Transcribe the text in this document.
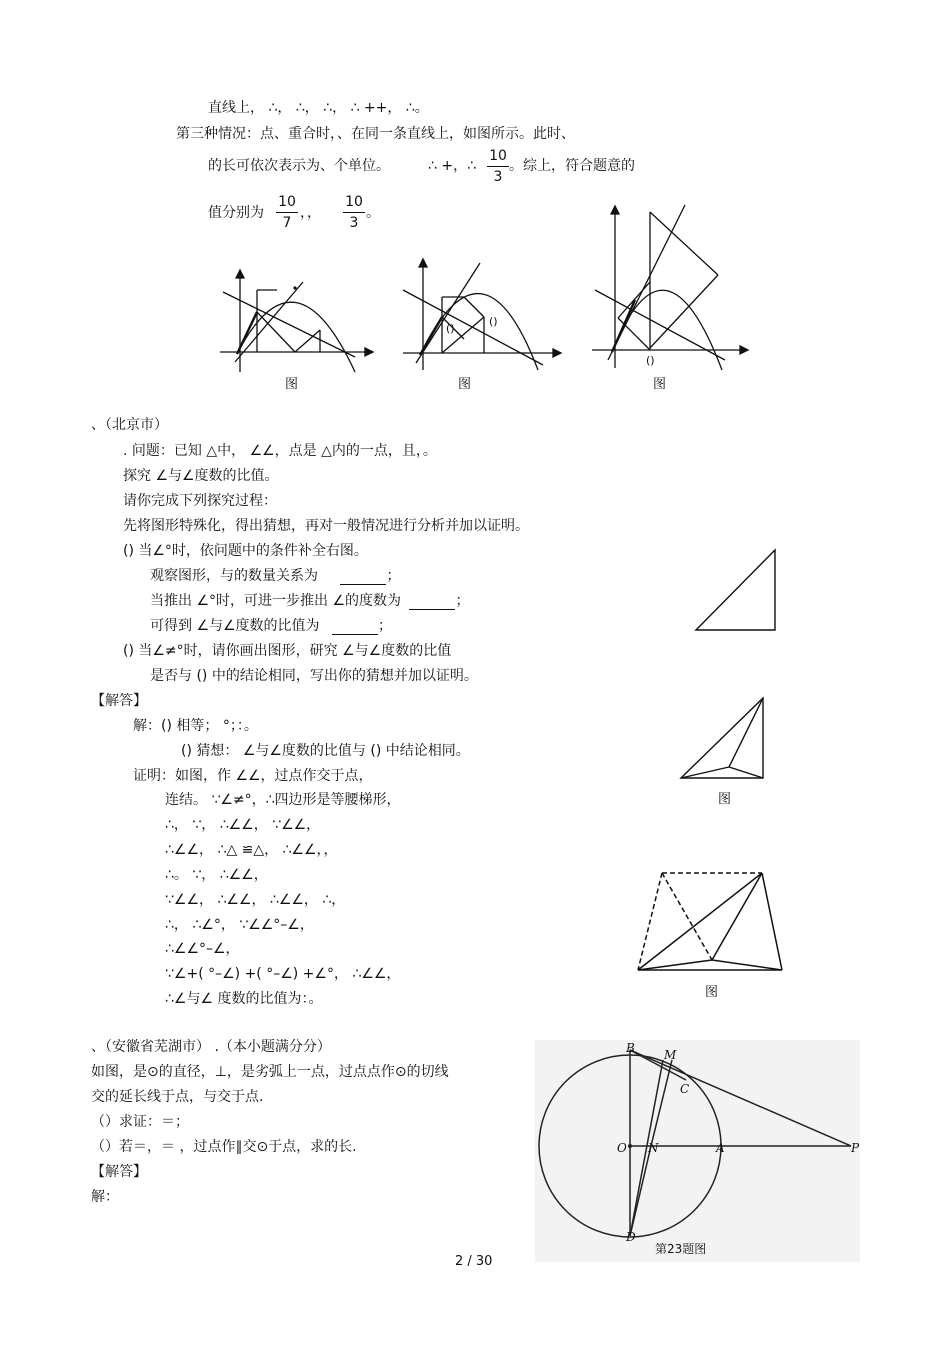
直线上， ∴， ∴， ∴， ∴ ++， ∴。
第三种情况：点、重合时，、在同一条直线上，如图所示。此时、
的长可依次表示为、个单位。	∴ +，∴
10
3
。综上，符合题意的
值分别为
10
7
，，
10
3
。
图
()
()
图
()
图
、（北京市）
. 问题：已知 △中， ∠∠，点是 △内的一点，且，。
探究 ∠与∠度数的比值。
请你完成下列探究过程：
先将图形特殊化，得出猜想，再对一般情况进行分析并加以证明。
() 当∠°时，依问题中的条件补全右图。
观察图形，与的数量关系为	；
当推出 ∠°时，可进一步推出 ∠的度数为	；
可得到 ∠与∠度数的比值为	；
() 当∠≠°时，请你画出图形，研究 ∠与∠度数的比值
是否与 () 中的结论相同，写出你的猜想并加以证明。
【解答】
解：() 相等； °；：。
() 猜想： ∠与∠度数的比值与 () 中结论相同。
证明：如图，作 ∠∠，过点作交于点，
连结。 ∵∠≠°，∴四边形是等腰梯形，
∴， ∵， ∴∠∠， ∵∠∠，
∴∠∠， ∴△ ≌△， ∴∠∠，，
∴。 ∵， ∴∠∠，
∵∠∠， ∴∠∠， ∴∠∠， ∴，
∴， ∴∠°， ∵∠∠°–∠，
∴∠∠°–∠，
∵∠+( °–∠) +( °–∠) +∠°， ∴∠∠，
∴∠与∠ 度数的比值为：。
图
图
、（安徽省芜湖市） .（本小题满分分）
如图，是⊙的直径，⊥，是劣弧上一点，过点点作⊙的切线
交的延长线于点，与交于点.
（）求证：＝；
（）若＝，＝ ，过点作∥交⊙于点，求的长.
【解答】
解：
B M
C
O N	A	P
D
第23题图
2 / 30
